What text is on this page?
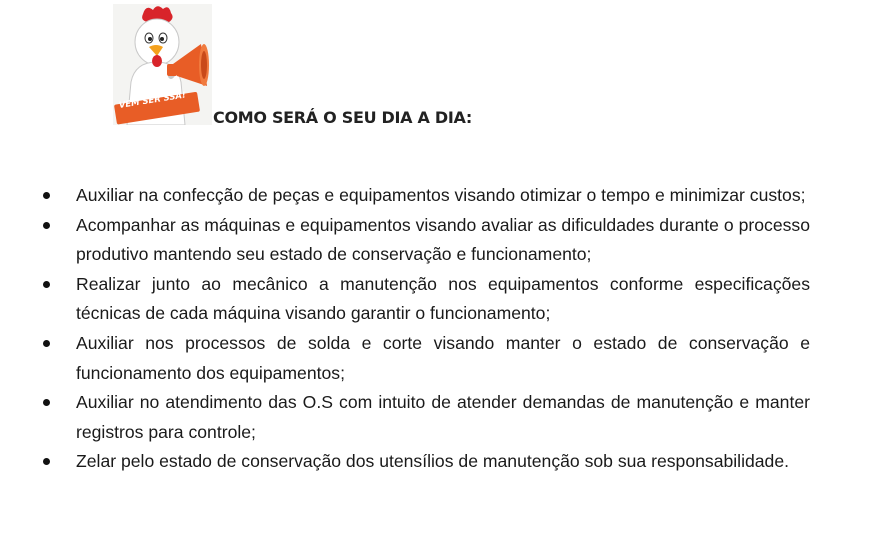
VEM SER SSA!
COMO SERÁ O SEU DIA A DIA:
Auxiliar na confecção de peças e equipamentos visando otimizar o tempo e minimizar custos;
Acompanhar as máquinas e equipamentos visando avaliar as dificuldades durante o processo produtivo mantendo seu estado de conservação e funcionamento;
Realizar junto ao mecânico a manutenção nos equipamentos conforme especificações técnicas de cada máquina visando garantir o funcionamento;
Auxiliar nos processos de solda e corte visando manter o estado de conservação e funcionamento dos equipamentos;
Auxiliar no atendimento das O.S com intuito de atender demandas de manutenção e manter registros para controle;
Zelar pelo estado de conservação dos utensílios de manutenção sob sua responsabilidade.
